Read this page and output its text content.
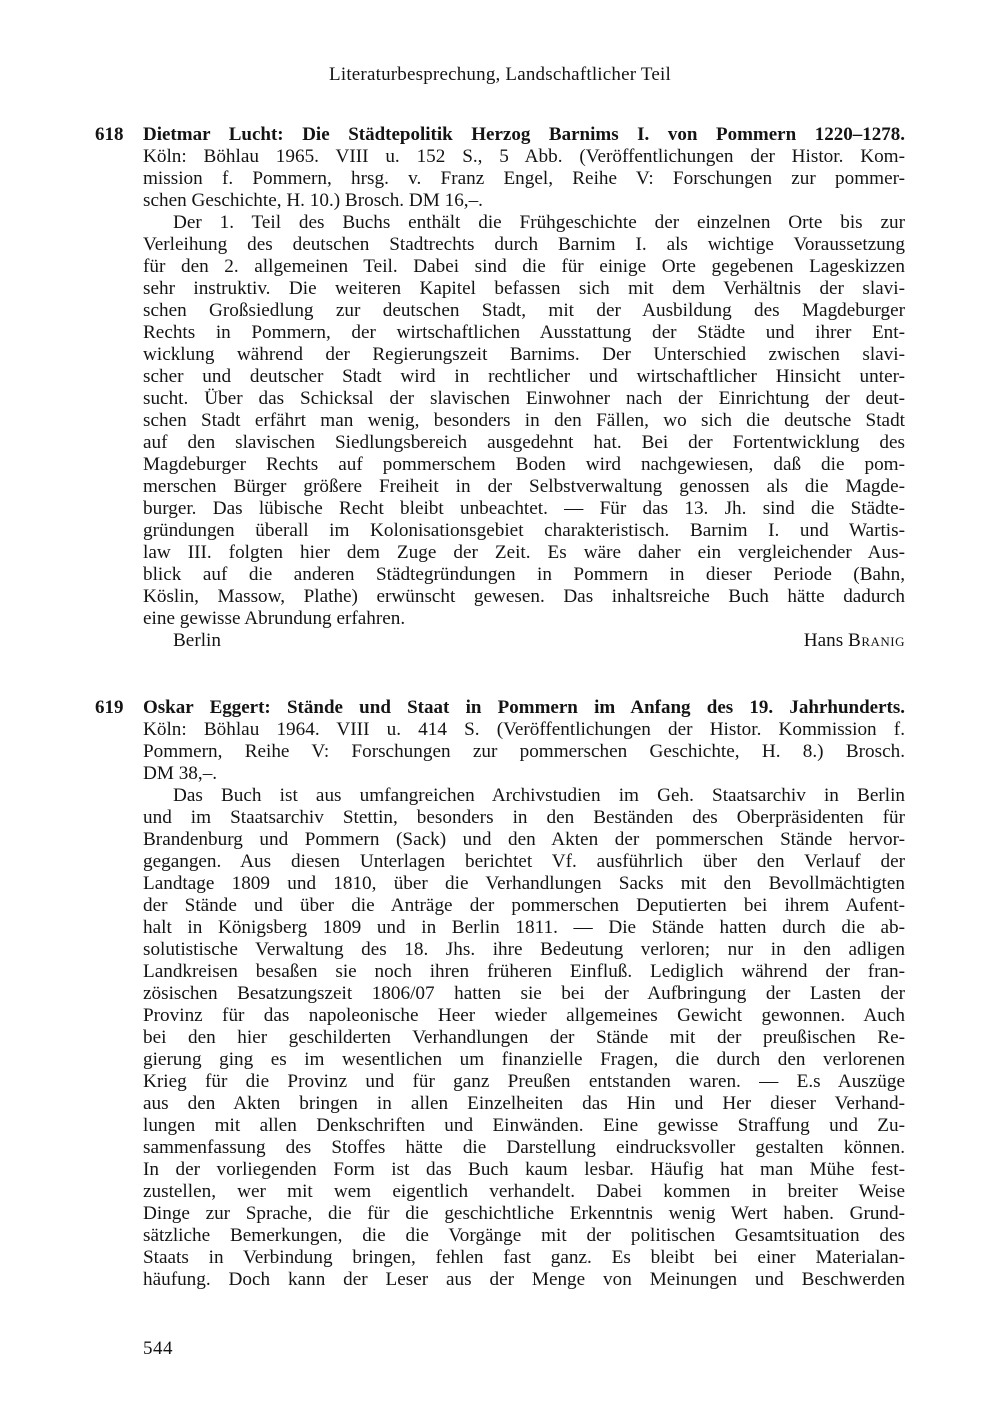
Literaturbesprechung, Landschaftlicher Teil
618 Dietmar Lucht: Die Städtepolitik Herzog Barnims I. von Pommern 1220–1278.
Köln: Böhlau 1965. VIII u. 152 S., 5 Abb. (Veröffentlichungen der Histor. Kom-
mission f. Pommern, hrsg. v. Franz Engel, Reihe V: Forschungen zur pommer-
schen Geschichte, H. 10.) Brosch. DM 16,–.
Der 1. Teil des Buchs enthält die Frühgeschichte der einzelnen Orte bis zur
Verleihung des deutschen Stadtrechts durch Barnim I. als wichtige Voraussetzung
für den 2. allgemeinen Teil. Dabei sind die für einige Orte gegebenen Lageskizzen
sehr instruktiv. Die weiteren Kapitel befassen sich mit dem Verhältnis der slavi-
schen Großsiedlung zur deutschen Stadt, mit der Ausbildung des Magdeburger
Rechts in Pommern, der wirtschaftlichen Ausstattung der Städte und ihrer Ent-
wicklung während der Regierungszeit Barnims. Der Unterschied zwischen slavi-
scher und deutscher Stadt wird in rechtlicher und wirtschaftlicher Hinsicht unter-
sucht. Über das Schicksal der slavischen Einwohner nach der Einrichtung der deut-
schen Stadt erfährt man wenig, besonders in den Fällen, wo sich die deutsche Stadt
auf den slavischen Siedlungsbereich ausgedehnt hat. Bei der Fortentwicklung des
Magdeburger Rechts auf pommerschem Boden wird nachgewiesen, daß die pom-
merschen Bürger größere Freiheit in der Selbstverwaltung genossen als die Magde-
burger. Das lübische Recht bleibt unbeachtet. — Für das 13. Jh. sind die Städte-
gründungen überall im Kolonisationsgebiet charakteristisch. Barnim I. und Wartis-
law III. folgten hier dem Zuge der Zeit. Es wäre daher ein vergleichender Aus-
blick auf die anderen Städtegründungen in Pommern in dieser Periode (Bahn,
Köslin, Massow, Plathe) erwünscht gewesen. Das inhaltsreiche Buch hätte dadurch
eine gewisse Abrundung erfahren.
Berlin	Hans Branig
619 Oskar Eggert: Stände und Staat in Pommern im Anfang des 19. Jahrhunderts.
Köln: Böhlau 1964. VIII u. 414 S. (Veröffentlichungen der Histor. Kommission f.
Pommern, Reihe V: Forschungen zur pommerschen Geschichte, H. 8.) Brosch.
DM 38,–.
Das Buch ist aus umfangreichen Archivstudien im Geh. Staatsarchiv in Berlin
und im Staatsarchiv Stettin, besonders in den Beständen des Oberpräsidenten für
Brandenburg und Pommern (Sack) und den Akten der pommerschen Stände hervor-
gegangen. Aus diesen Unterlagen berichtet Vf. ausführlich über den Verlauf der
Landtage 1809 und 1810, über die Verhandlungen Sacks mit den Bevollmächtigten
der Stände und über die Anträge der pommerschen Deputierten bei ihrem Aufent-
halt in Königsberg 1809 und in Berlin 1811. — Die Stände hatten durch die ab-
solutistische Verwaltung des 18. Jhs. ihre Bedeutung verloren; nur in den adligen
Landkreisen besaßen sie noch ihren früheren Einfluß. Lediglich während der fran-
zösischen Besatzungszeit 1806/07 hatten sie bei der Aufbringung der Lasten der
Provinz für das napoleonische Heer wieder allgemeines Gewicht gewonnen. Auch
bei den hier geschilderten Verhandlungen der Stände mit der preußischen Re-
gierung ging es im wesentlichen um finanzielle Fragen, die durch den verlorenen
Krieg für die Provinz und für ganz Preußen entstanden waren. — E.s Auszüge
aus den Akten bringen in allen Einzelheiten das Hin und Her dieser Verhand-
lungen mit allen Denkschriften und Einwänden. Eine gewisse Straffung und Zu-
sammenfassung des Stoffes hätte die Darstellung eindrucksvoller gestalten können.
In der vorliegenden Form ist das Buch kaum lesbar. Häufig hat man Mühe fest-
zustellen, wer mit wem eigentlich verhandelt. Dabei kommen in breiter Weise
Dinge zur Sprache, die für die geschichtliche Erkenntnis wenig Wert haben. Grund-
sätzliche Bemerkungen, die die Vorgänge mit der politischen Gesamtsituation des
Staats in Verbindung bringen, fehlen fast ganz. Es bleibt bei einer Materialan-
häufung. Doch kann der Leser aus der Menge von Meinungen und Beschwerden
544
